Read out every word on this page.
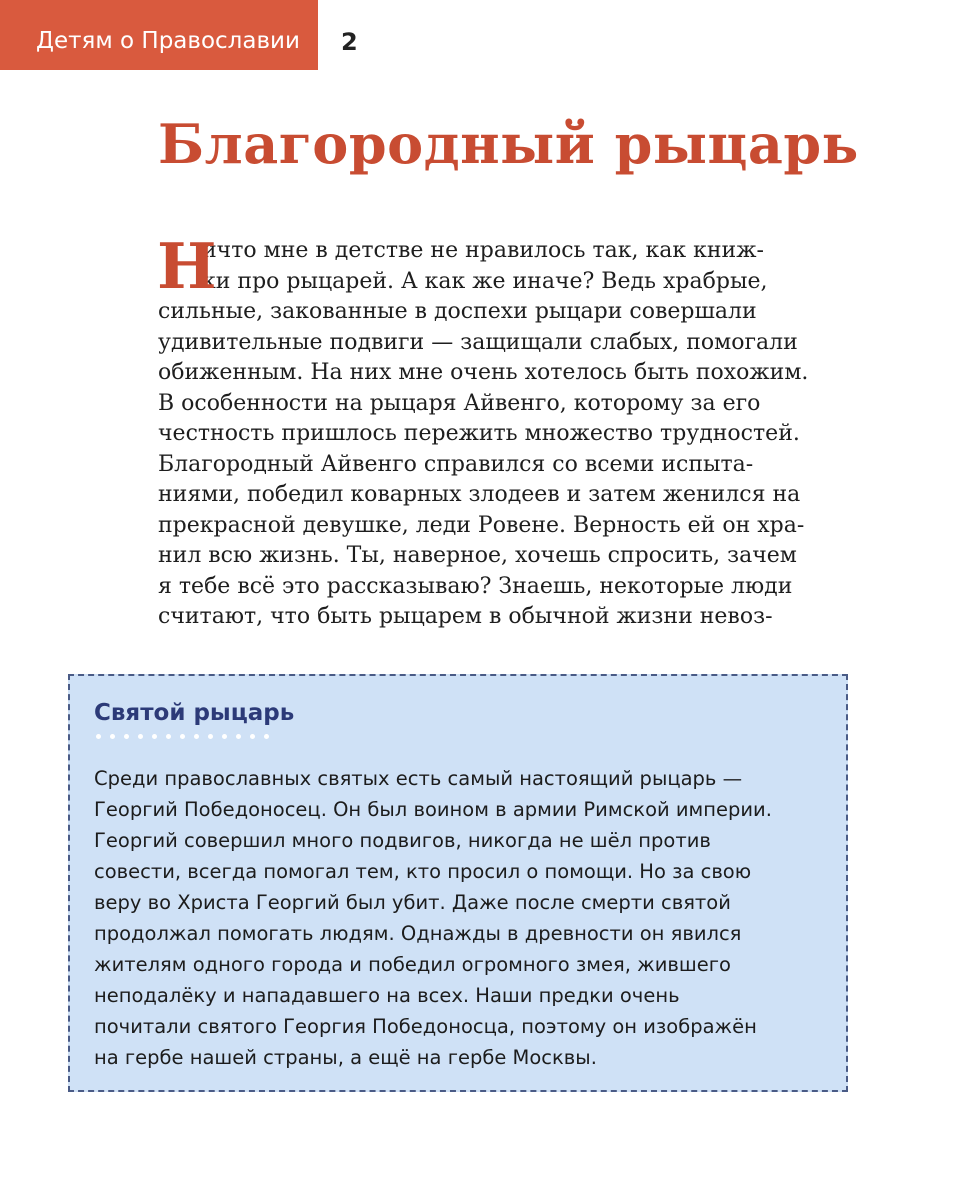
Детям о Православии 2
Благородный рыцарь
Н
ичто мне в детстве не нравилось так, как книж-
ки про рыцарей. А как же иначе? Ведь храбрые,
сильные, закованные в доспехи рыцари совершали
удивительные подвиги — защищали слабых, помогали
обиженным. На них мне очень хотелось быть похожим.
В особенности на рыцаря Айвенго, которому за его
честность пришлось пережить множество трудностей.
Благородный Айвенго справился со всеми испыта-
ниями, победил коварных злодеев и затем женился на
прекрасной девушке, леди Ровене. Верность ей он хра-
нил всю жизнь. Ты, наверное, хочешь спросить, зачем
я тебе всё это рассказываю? Знаешь, некоторые люди
считают, что быть рыцарем в обычной жизни невоз-
Святой рыцарь
Среди православных святых есть самый настоящий рыцарь —
Георгий Победоносец. Он был воином в армии Римской империи.
Георгий совершил много подвигов, никогда не шёл против
совести, всегда помогал тем, кто просил о помощи. Но за свою
веру во Христа Георгий был убит. Даже после смерти святой
продолжал помогать людям. Однажды в древности он явился
жителям одного города и победил огромного змея, жившего
неподалёку и нападавшего на всех. Наши предки очень
почитали святого Георгия Победоносца, поэтому он изображён
на гербе нашей страны, а ещё на гербе Москвы.
